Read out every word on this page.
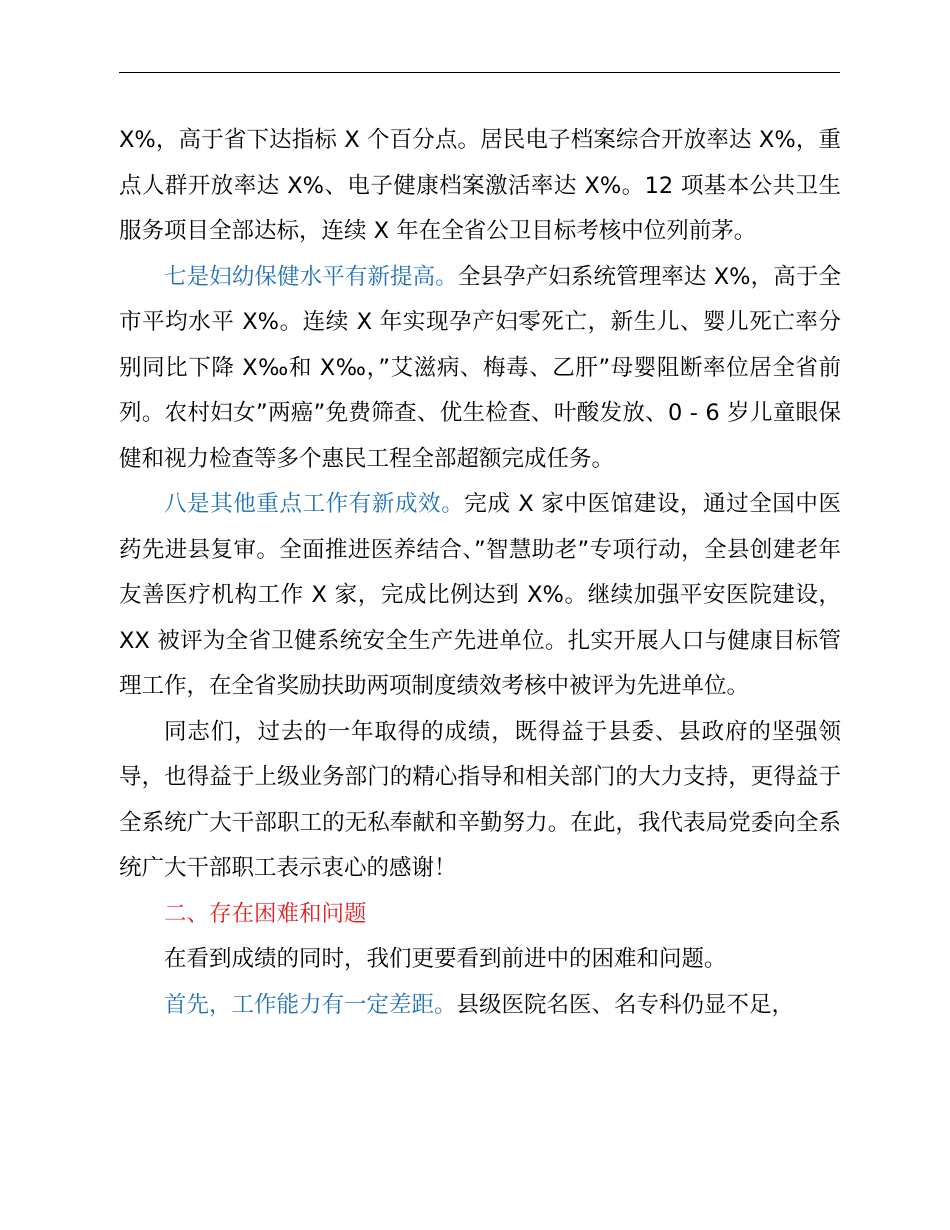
X%，高于省下达指标 X 个百分点。居民电子档案综合开放率达 X%，重点人群开放率达 X%、电子健康档案激活率达 X%。12 项基本公共卫生服务项目全部达标，连续 X 年在全省公卫目标考核中位列前茅。

七是妇幼保健水平有新提高。全县孕产妇系统管理率达 X%，高于全市平均水平 X%。连续 X 年实现孕产妇零死亡，新生儿、婴儿死亡率分别同比下降 X‰和 X‰，”艾滋病、梅毒、乙肝”母婴阻断率位居全省前列。农村妇女”两癌”免费筛查、优生检查、叶酸发放、0 - 6 岁儿童眼保健和视力检查等多个惠民工程全部超额完成任务。

八是其他重点工作有新成效。完成 X 家中医馆建设，通过全国中医药先进县复审。全面推进医养结合、”智慧助老”专项行动，全县创建老年友善医疗机构工作 X 家，完成比例达到 X%。继续加强平安医院建设，XX 被评为全省卫健系统安全生产先进单位。扎实开展人口与健康目标管理工作，在全省奖励扶助两项制度绩效考核中被评为先进单位。

同志们，过去的一年取得的成绩，既得益于县委、县政府的坚强领导，也得益于上级业务部门的精心指导和相关部门的大力支持，更得益于全系统广大干部职工的无私奉献和辛勤努力。在此，我代表局党委向全系统广大干部职工表示衷心的感谢！

二、存在困难和问题

在看到成绩的同时，我们更要看到前进中的困难和问题。

首先，工作能力有一定差距。县级医院名医、名专科仍显不足，
